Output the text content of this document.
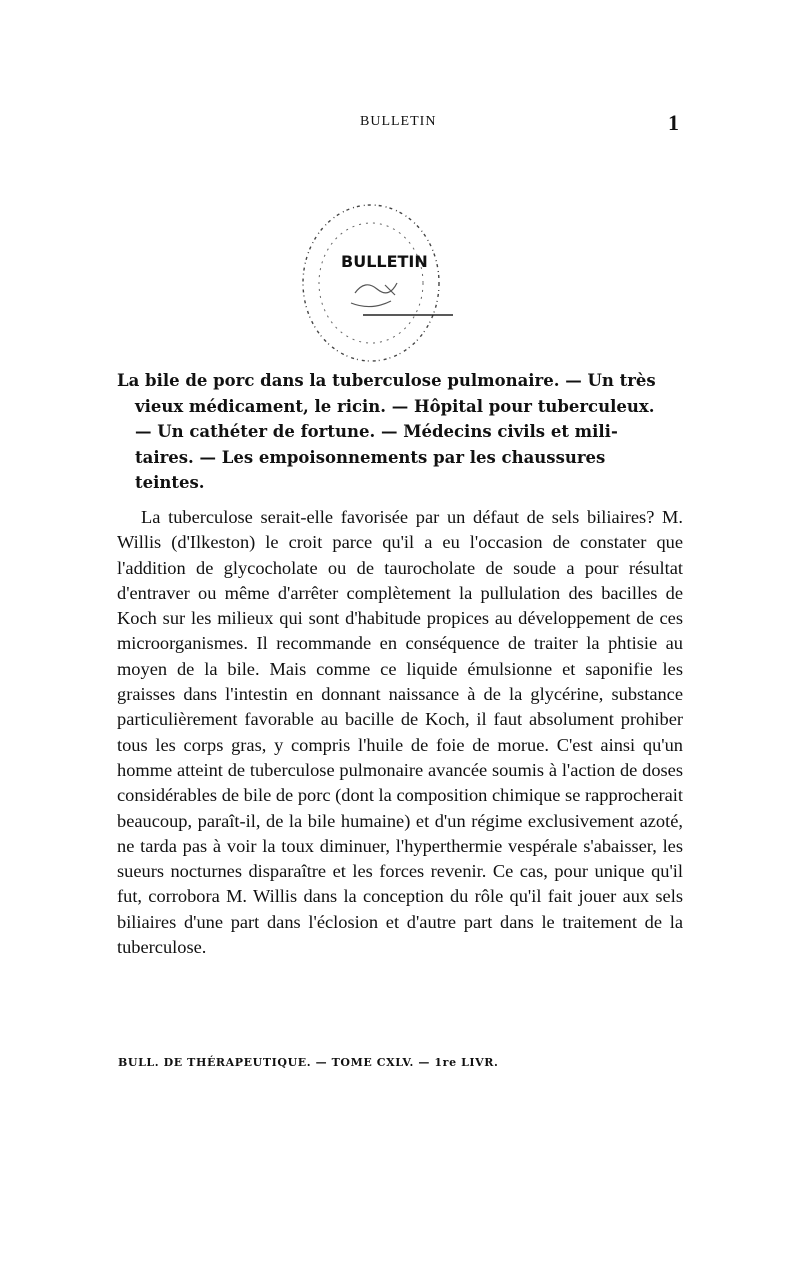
BULLETIN	1
BULLETIN
La bile de porc dans la tuberculose pulmonaire. — Un très
vieux médicament, le ricin. — Hôpital pour tuberculeux.
— Un cathéter de fortune. — Médecins civils et mili-
taires. — Les empoisonnements par les chaussures
teintes.

La tuberculose serait-elle favorisée par un défaut de sels biliaires? M. Willis (d'Ilkeston) le croit parce qu'il a eu l'occasion de constater que l'addition de glycocholate ou de taurocholate de soude a pour résultat d'entraver ou même d'arrêter complètement la pullulation des bacilles de Koch sur les milieux qui sont d'habitude propices au développement de ces microorganismes. Il recommande en conséquence de traiter la phtisie au moyen de la bile. Mais comme ce liquide émulsionne et saponifie les graisses dans l'intestin en donnant naissance à de la glycérine, substance particulièrement favorable au bacille de Koch, il faut absolument prohiber tous les corps gras, y compris l'huile de foie de morue. C'est ainsi qu'un homme atteint de tuberculose pulmonaire avancée soumis à l'action de doses considérables de bile de porc (dont la composition chimique se rapprocherait beaucoup, paraît-il, de la bile humaine) et d'un régime exclusivement azoté, ne tarda pas à voir la toux diminuer, l'hyperthermie vespérale s'abaisser, les sueurs nocturnes disparaître et les forces revenir. Ce cas, pour unique qu'il fut, corrobora M. Willis dans la conception du rôle qu'il fait jouer aux sels biliaires d'une part dans l'éclosion et d'autre part dans le traitement de la tuberculose.

BULL. DE THÉRAPEUTIQUE. — TOME CXLV. — 1re LIVR.
